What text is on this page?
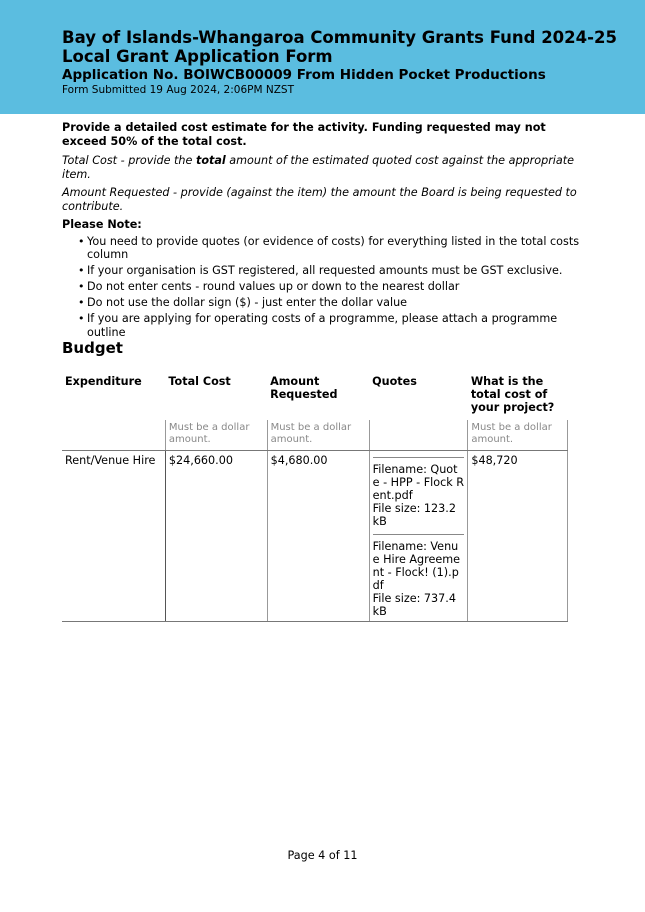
Bay of Islands-Whangaroa Community Grants Fund 2024-25 Local Grant Application Form
Application No. BOIWCB00009 From Hidden Pocket Productions
Form Submitted 19 Aug 2024, 2:06PM NZST
Provide a detailed cost estimate for the activity. Funding requested may not exceed 50% of the total cost.
Total Cost - provide the total amount of the estimated quoted cost against the appropriate item.
Amount Requested - provide (against the item) the amount the Board is being requested to contribute.
Please Note:
• You need to provide quotes (or evidence of costs) for everything listed in the total costs column
• If your organisation is GST registered, all requested amounts must be GST exclusive.
• Do not enter cents - round values up or down to the nearest dollar
• Do not use the dollar sign ($) - just enter the dollar value
• If you are applying for operating costs of a programme, please attach a programme outline
Budget
Expenditure	Total Cost	Amount Requested	Quotes	What is the total cost of your project?
	Must be a dollar amount.	Must be a dollar amount.		Must be a dollar amount.
Rent/Venue Hire	$24,660.00	$4,680.00	Filename: Quote - HPP - Flock Rent.pdf
File size: 123.2 kB
Filename: Venue Hire Agreement - Flock! (1).pdf
File size: 737.4 kB	$48,720
Page 4 of 11
